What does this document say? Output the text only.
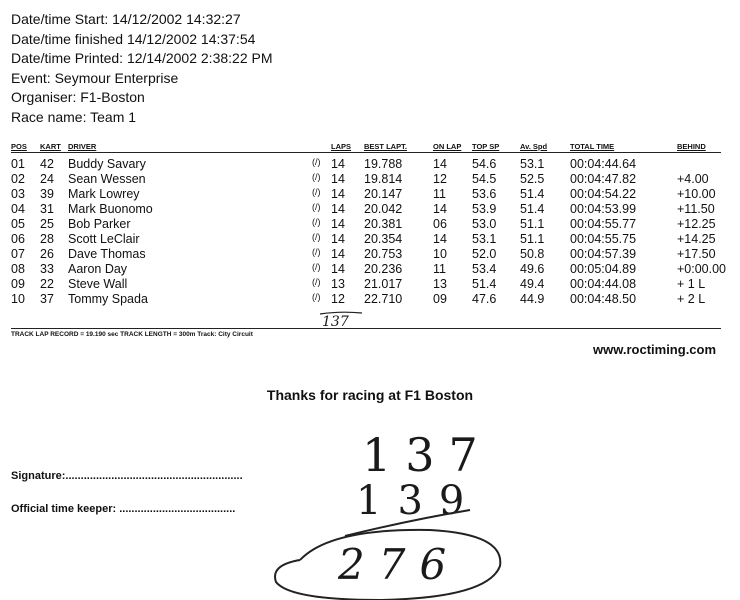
Date/time Start: 14/12/2002 14:32:27
Date/time finished 14/12/2002 14:37:54
Date/time Printed: 12/14/2002 2:38:22 PM
Event: Seymour Enterprise
Organiser: F1-Boston
Race name: Team 1
POS KART DRIVER	LAPS BEST LAPT.	ON LAP TOP SP	Av. Spd	TOTAL TIME	BEHIND
01 42 Buddy Savary	(/) 14 19.788 14 54.6 53.1 00:04:44.64
02 24 Sean Wessen	(/) 14 19.814 12 54.5 52.5 00:04:47.82	+4.00
03 39 Mark Lowrey	(/) 14 20.147 11 53.6 51.4 00:04:54.22	+10.00
04 31 Mark Buonomo	(/) 14 20.042 14 53.9 51.4 00:04:53.99	+11.50
05 25 Bob Parker	(/) 14 20.381 06 53.0 51.1 00:04:55.77	+12.25
06 28 Scott LeClair	(/) 14 20.354 14 53.1 51.1 00:04:55.75	+14.25
07 26 Dave Thomas	(/) 14 20.753 10 52.0 50.8 00:04:57.39	+17.50
08 33 Aaron Day	(/) 14 20.236 11 53.4 49.6 00:05:04.89	+0:00.00
09 22 Steve Wall	(/) 13 21.017 13 51.4 49.4 00:04:44.08	+ 1 L
10 37 Tommy Spada	(/) 12 22.710 09 47.6 44.9 00:04:48.50	+ 2 L
TRACK LAP RECORD = 19.190 sec TRACK LENGTH = 300m Track: City Circuit
www.roctiming.com
Thanks for racing at F1 Boston
Signature:..........................................................
Official time keeper: ......................................
137
137
139
276
